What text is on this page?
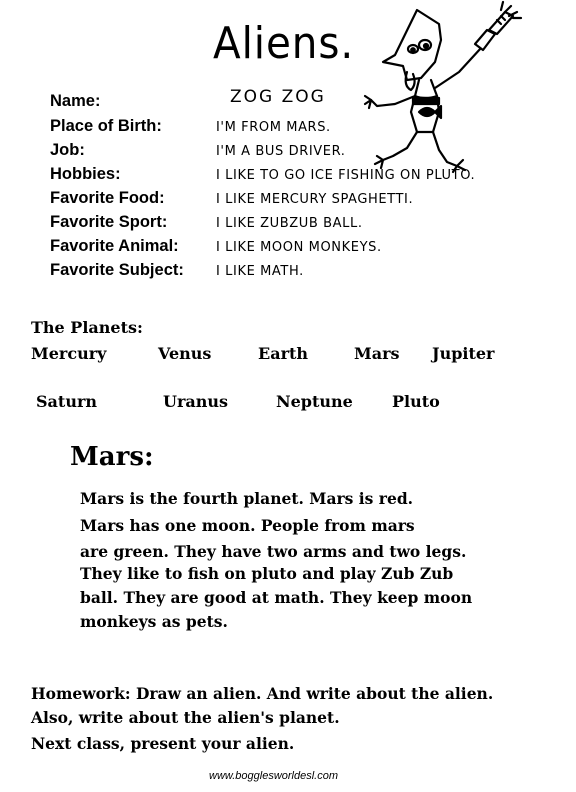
Aliens.
Name:	ZOG ZOG
Place of Birth:	I'M FROM MARS.
Job:	I'M A BUS DRIVER.
Hobbies:	I LIKE TO GO ICE FISHING ON PLUTO.
Favorite Food:	I LIKE MERCURY SPAGHETTI.
Favorite Sport:	I LIKE ZUBZUB BALL.
Favorite Animal:	I LIKE MOON MONKEYS.
Favorite Subject: I LIKE MATH.
The Planets:
Mercury	Venus	Earth	Mars Jupiter
Saturn	Uranus	Neptune Pluto
Mars:
Mars is the fourth planet. Mars is red.
Mars has one moon. People from mars
are green. They have two arms and two legs.
They like to fish on pluto and play Zub Zub
ball. They are good at math. They keep moon
monkeys as pets.
Homework: Draw an alien. And write about the alien.
Also, write about the alien's planet.
Next class, present your alien.
www.bogglesworldesl.com
